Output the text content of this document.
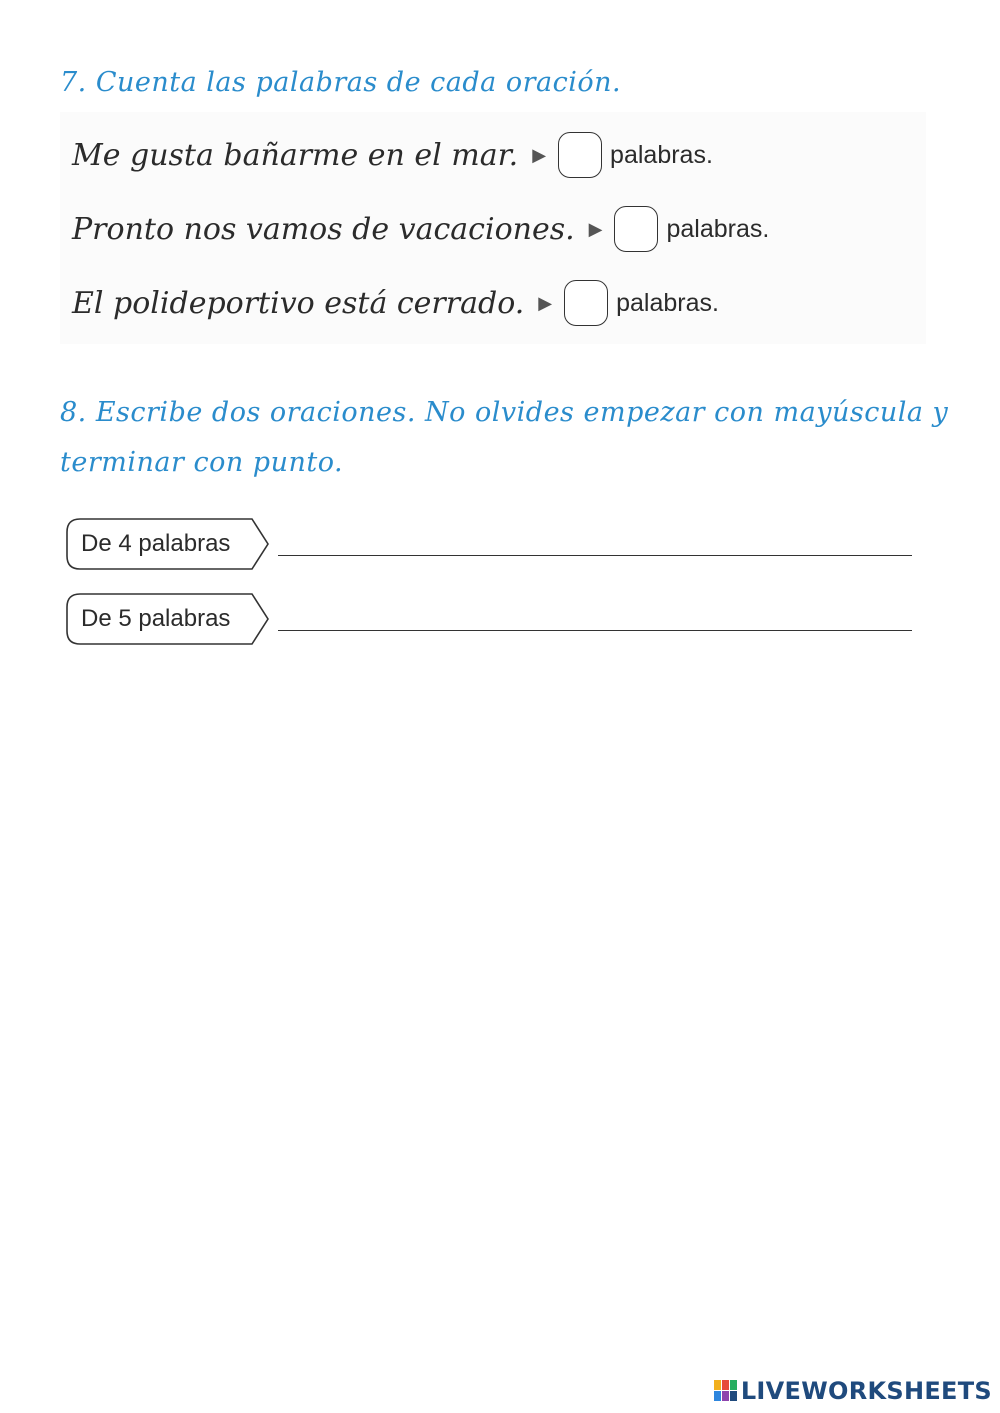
7. Cuenta las palabras de cada oración.
Me gusta bañarme en el mar. ▶	palabras.
Pronto nos vamos de vacaciones. ▶	palabras.
El polideportivo está cerrado. ▶	palabras.
8. Escribe dos oraciones. No olvides empezar con mayúscula y terminar con punto.
De 4 palabras
De 5 palabras
LIVEWORKSHEETS
